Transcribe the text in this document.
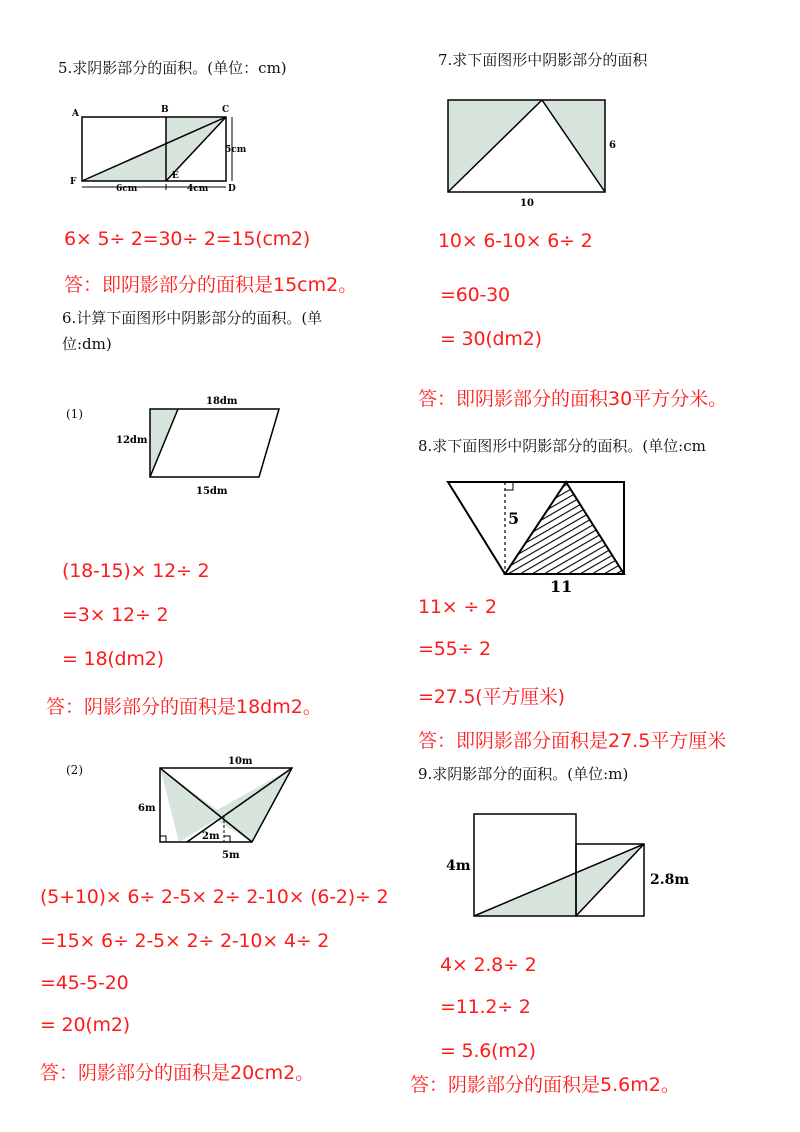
5.求阴影部分的面积。(单位：cm)
A	B	C
F
E
D
5cm
6cm	4cm
6× 5÷ 2=30÷ 2=15(cm2)
答：即阴影部分的面积是15cm2。
6.计算下面图形中阴影部分的面积。(单
位:dm)
(1)
18dm
12dm
15dm
(18-15)× 12÷ 2
=3× 12÷ 2
= 18(dm2)
答：阴影部分的面积是18dm2。
(2)
10m
6m
2m
5m
(5+10)× 6÷ 2-5× 2÷ 2-10× (6-2)÷ 2
=15× 6÷ 2-5× 2÷ 2-10× 4÷ 2
=45-5-20
= 20(m2)
答：阴影部分的面积是20cm2。
7.求下面图形中阴影部分的面积
6
10
10× 6-10× 6÷ 2
=60-30
= 30(dm2)
答：即阴影部分的面积30平方分米。
8.求下面图形中阴影部分的面积。(单位:cm
5
11
11× ÷ 2
=55÷ 2
=27.5(平方厘米)
答：即阴影部分面积是27.5平方厘米
9.求阴影部分的面积。(单位:m)
4m
2.8m
4× 2.8÷ 2
=11.2÷ 2
= 5.6(m2)
答：阴影部分的面积是5.6m2。
